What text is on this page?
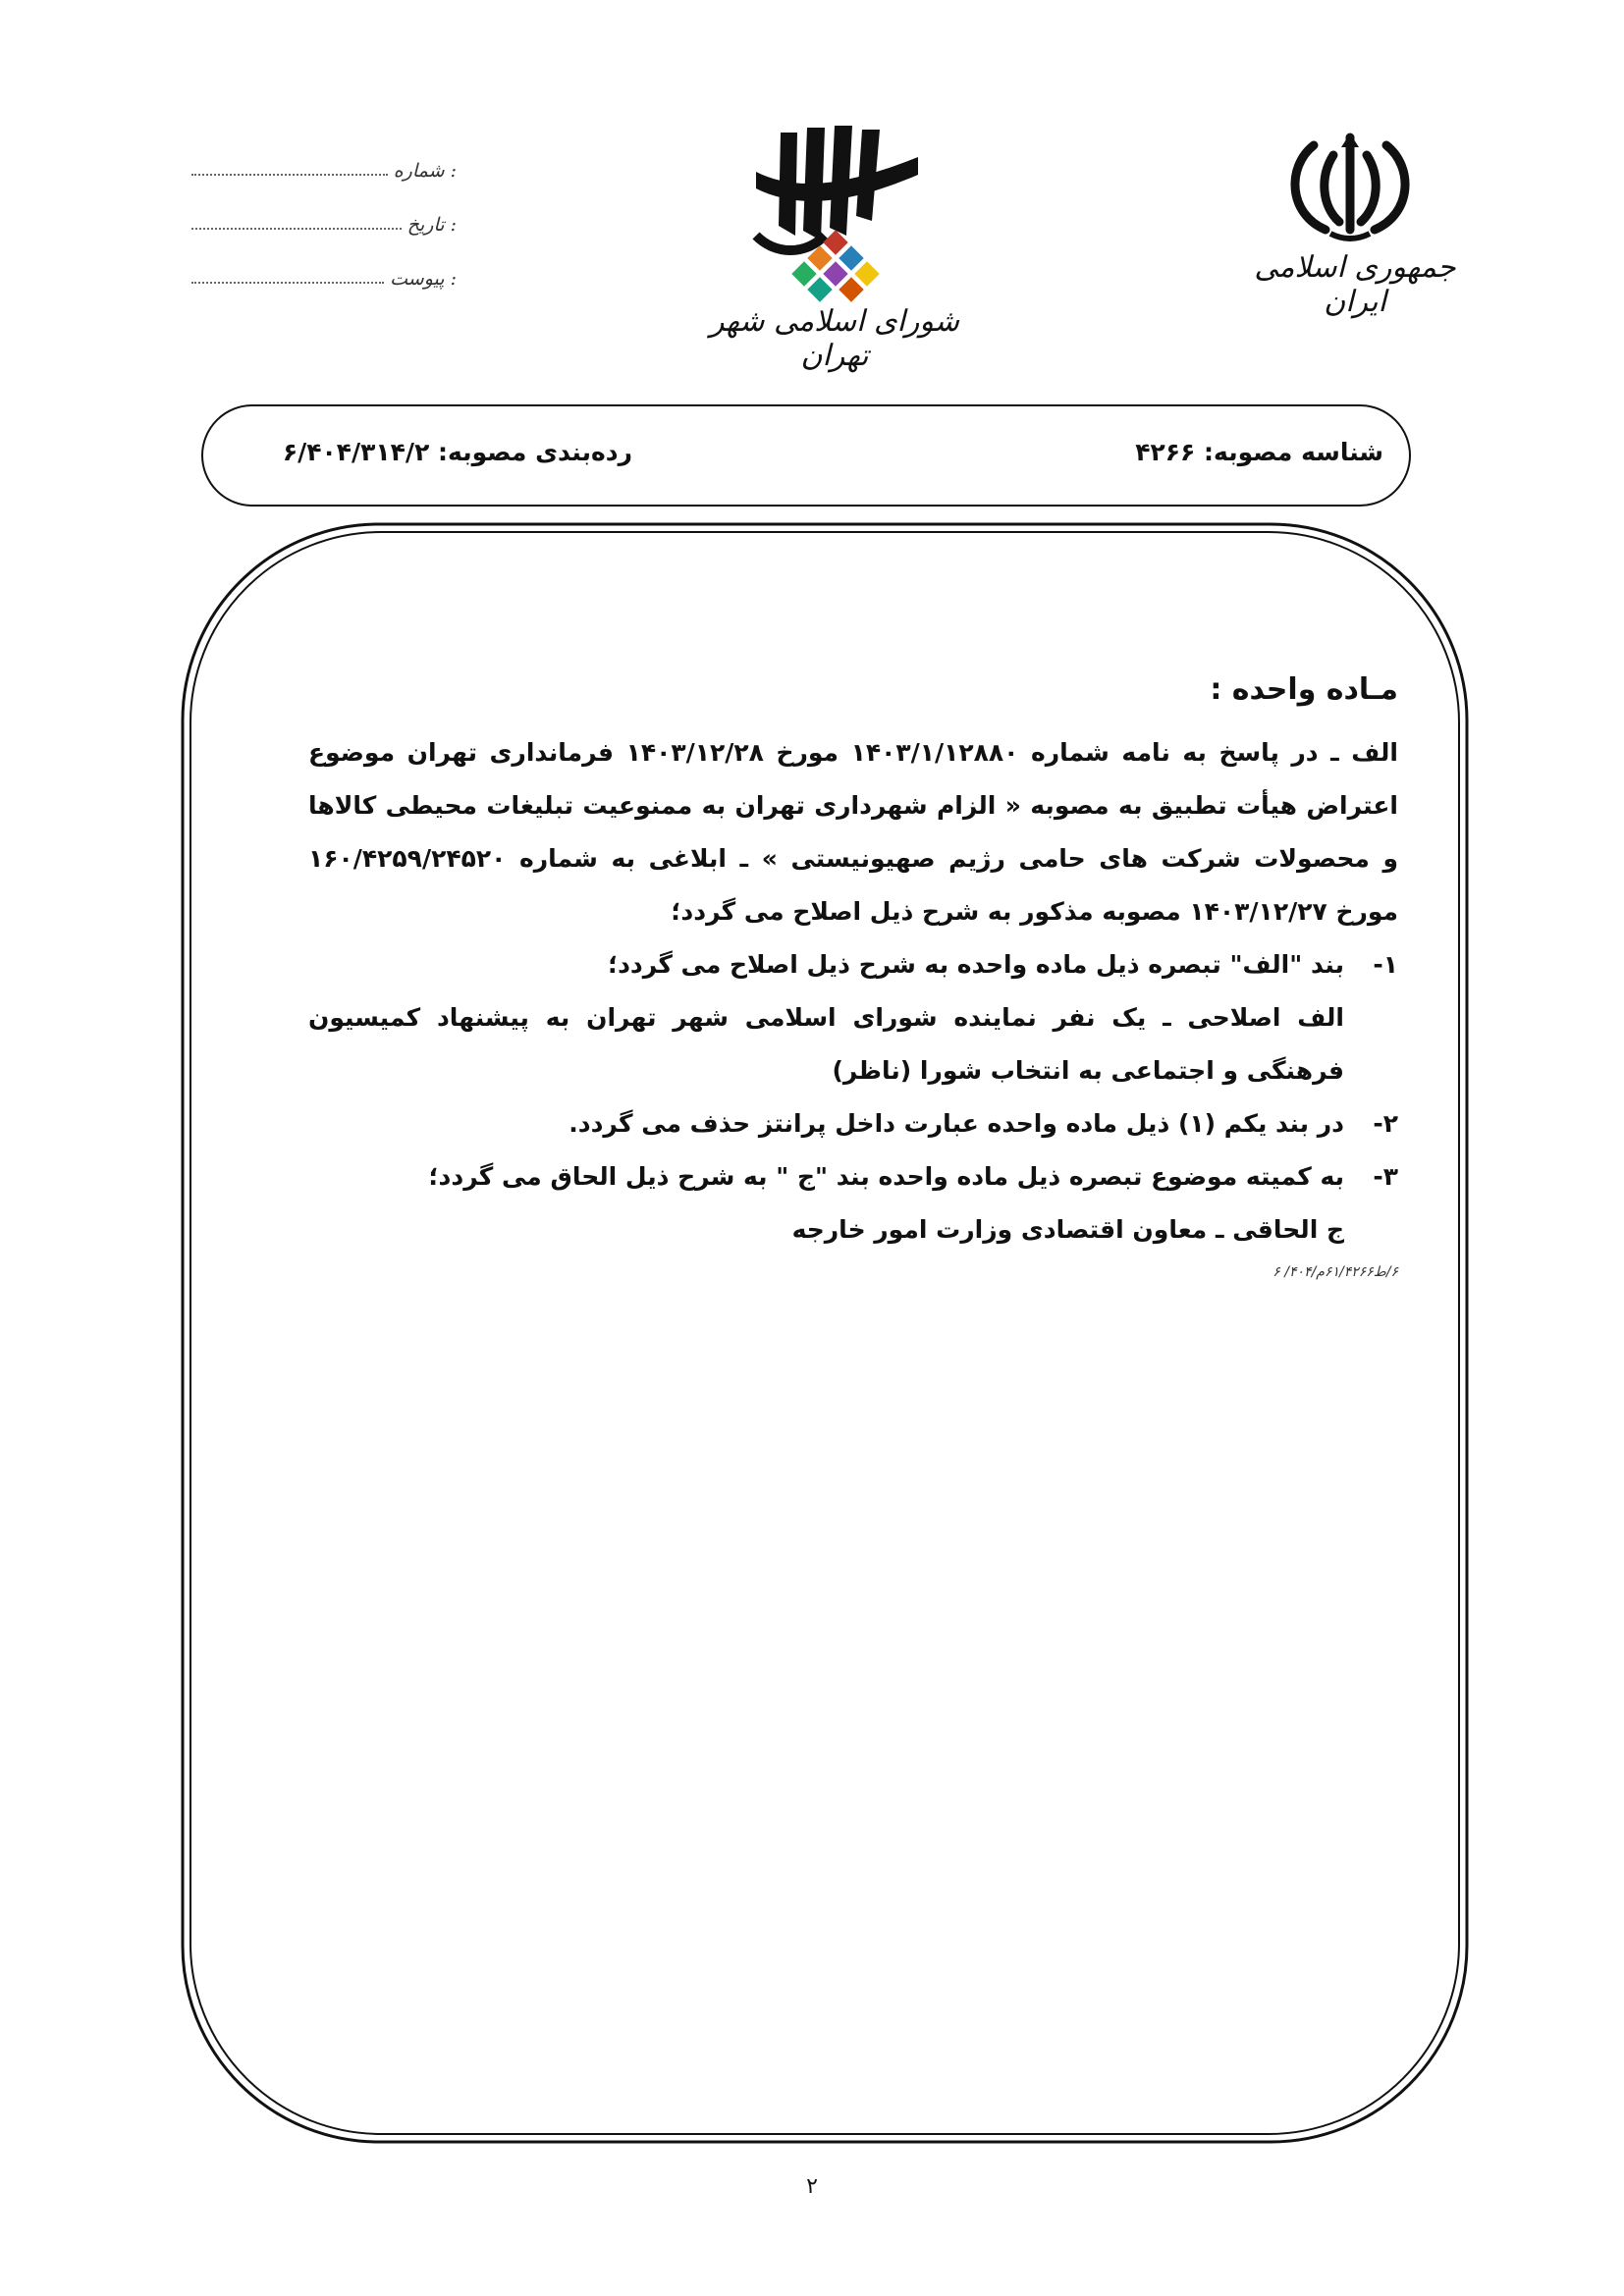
جمهوری اسلامی ایران
شورای اسلامی شهر تهران
شماره :
تاریخ :
پیوست :
شناسه مصوبه: ۴۲۶۶
رده‌بندی مصوبه: ۶/۴۰۴/۳۱۴/۲
مـاده واحده :

الف ـ در پاسخ به نامه شماره ۱۴۰۳/۱/۱۲۸۸۰ مورخ ۱۴۰۳/۱۲/۲۸ فرمانداری تهران موضوع اعتراض هیأت تطبیق به مصوبه « الزام شهرداری تهران به ممنوعیت تبلیغات محیطی کالاها و محصولات شرکت های حامی رژیم صهیونیستی » ـ ابلاغی به شماره ۱۶۰/۴۲۵۹/۲۴۵۲۰ مورخ ۱۴۰۳/۱۲/۲۷ مصوبه مذکور به شرح ذیل اصلاح می گردد؛

۱-
بند "الف" تبصره ذیل ماده واحده به شرح ذیل اصلاح می گردد؛
الف اصلاحی ـ یک نفر نماینده شورای اسلامی شهر تهران به پیشنهاد کمیسیون فرهنگی و اجتماعی به انتخاب شورا (ناظر)
۲-
در بند یکم (۱) ذیل ماده واحده عبارت داخل پرانتز حذف می گردد.
۳-
به کمیته موضوع تبصره ذیل ماده واحده بند "ج " به شرح ذیل الحاق می گردد؛
ج الحاقی ـ معاون اقتصادی وزارت امور خارجه
۶/ط۶۱/۴۲۶۶م/۴۰۴/ ۶
۲
